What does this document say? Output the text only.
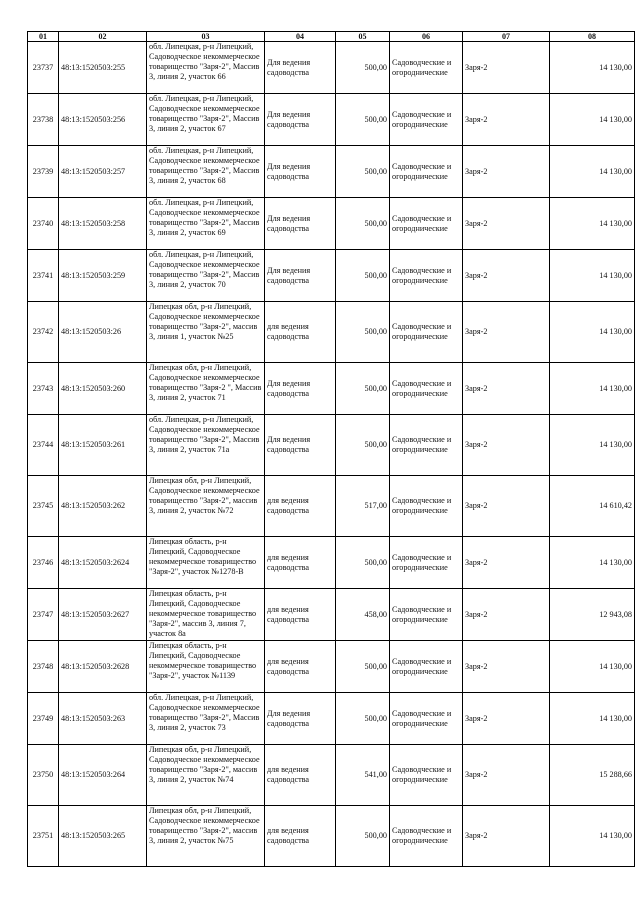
01	02	03	04	05	06	07	08
23737	48:13:1520503:255	обл. Липецкая, р-н Липецкий, Садоводческое некоммерческое товарищество "Заря-2", Массив 3, линия 2, участок 66	Для ведения садоводства	500,00	Садоводческие и огороднические	Заря-2	14 130,00
23738	48:13:1520503:256	обл. Липецкая, р-н Липецкий, Садоводческое некоммерческое товарищество "Заря-2", Массив 3, линия 2, участок 67	Для ведения садоводства	500,00	Садоводческие и огороднические	Заря-2	14 130,00
23739	48:13:1520503:257	обл. Липецкая, р-н Липецкий, Садоводческое некоммерческое товарищество "Заря-2", Массив 3, линия 2, участок 68	Для ведения садоводства	500,00	Садоводческие и огороднические	Заря-2	14 130,00
23740	48:13:1520503:258	обл. Липецкая, р-н Липецкий, Садоводческое некоммерческое товарищество "Заря-2", Массив 3, линия 2, участок 69	Для ведения садоводства	500,00	Садоводческие и огороднические	Заря-2	14 130,00
23741	48:13:1520503:259	обл. Липецкая, р-н Липецкий, Садоводческое некоммерческое товарищество "Заря-2", Массив 3, линия 2, участок 70	Для ведения садоводства	500,00	Садоводческие и огороднические	Заря-2	14 130,00
23742	48:13:1520503:26	Липецкая обл, р-н Липецкий, Садоводческое некоммерческое товарищество "Заря-2", массив 3, линия 1, участок №25	для ведения садоводства	500,00	Садоводческие и огороднические	Заря-2	14 130,00
23743	48:13:1520503:260	Липецкая обл, р-н Липецкий, Садоводческое некоммерческое товарищество "Заря-2 ", Массив 3, линия 2, участок 71	Для ведения садоводства	500,00	Садоводческие и огороднические	Заря-2	14 130,00
23744	48:13:1520503:261	обл. Липецкая, р-н Липецкий, Садоводческое некоммерческое товарищество "Заря-2", Массив 3, линия 2, участок 71а	Для ведения садоводства	500,00	Садоводческие и огороднические	Заря-2	14 130,00
23745	48:13:1520503:262	Липецкая обл, р-н Липецкий, Садоводческое некоммерческое товарищество "Заря-2", массив 3, линия 2, участок №72	для ведения садоводства	517,00	Садоводческие и огороднические	Заря-2	14 610,42
23746	48:13:1520503:2624	Липецкая область, р-н Липецкий, Садоводческое некоммерческое товарищество "Заря-2", участок №1278-В	для ведения садоводства	500,00	Садоводческие и огороднические	Заря-2	14 130,00
23747	48:13:1520503:2627	Липецкая область, р-н Липецкий, Садоводческое некоммерческое товарищество "Заря-2", массив 3, линия 7, участок 8а	для ведения садоводства	458,00	Садоводческие и огороднические	Заря-2	12 943,08
23748	48:13:1520503:2628	Липецкая область, р-н Липецкий, Садоводческое некоммерческое товарищество "Заря-2", участок №1139	для ведения садоводства	500,00	Садоводческие и огороднические	Заря-2	14 130,00
23749	48:13:1520503:263	обл. Липецкая, р-н Липецкий, Садоводческое некоммерческое товарищество "Заря-2", Массив 3, линия 2, участок 73	Для ведения садоводства	500,00	Садоводческие и огороднические	Заря-2	14 130,00
23750	48:13:1520503:264	Липецкая обл, р-н Липецкий, Садоводческое некоммерческое товарищество "Заря-2", массив 3, линия 2, участок №74	для ведения садоводства	541,00	Садоводческие и огороднические	Заря-2	15 288,66
23751	48:13:1520503:265	Липецкая обл, р-н Липецкий, Садоводческое некоммерческое товарищество "Заря-2", массив 3, линия 2, участок №75	для ведения садоводства	500,00	Садоводческие и огороднические	Заря-2	14 130,00
